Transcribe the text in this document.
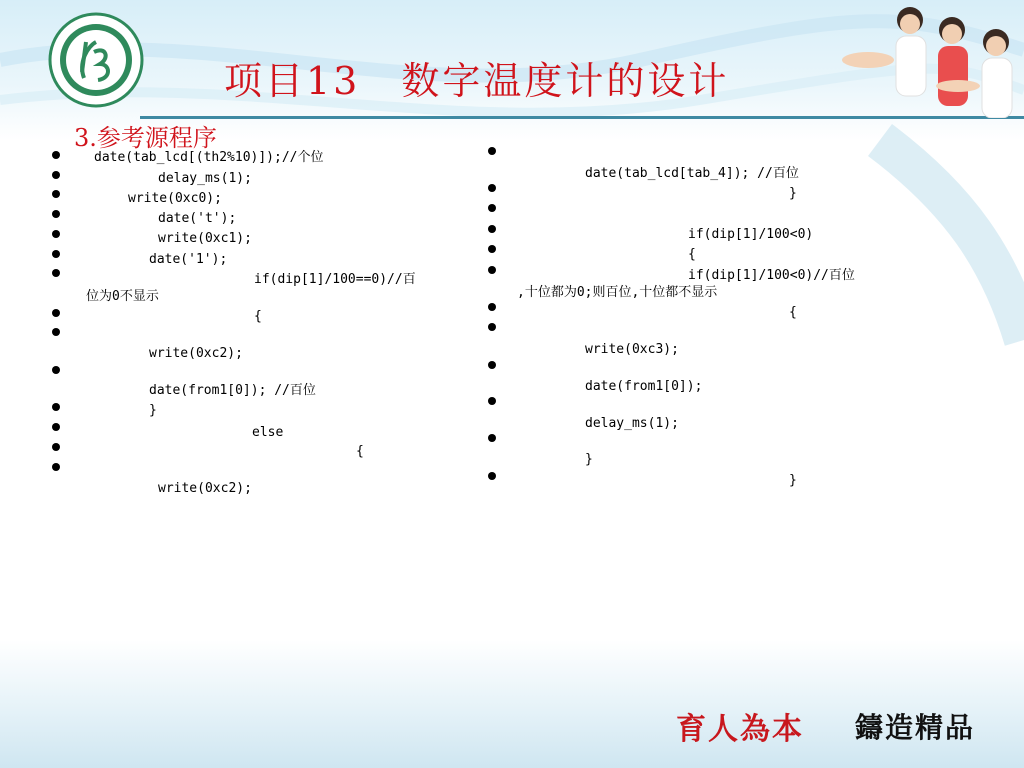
项目13　数字温度计的设计
3.参考源程序
date(tab_lcd[(th2%10)]);//个位
delay_ms(1);
write(0xc0);
date('t');
write(0xc1);
date('1');
if(dip[1]/100==0)//百
位为0不显示
{
write(0xc2);
date(from1[0]); //百位
}
else
{
write(0xc2);
date(tab_lcd[tab_4]); //百位
}
if(dip[1]/100<0)
{
if(dip[1]/100<0)//百位
,十位都为0;则百位,十位都不显示
{
write(0xc3);
date(from1[0]);
delay_ms(1);
}
}
育人為本 鑄造精品
